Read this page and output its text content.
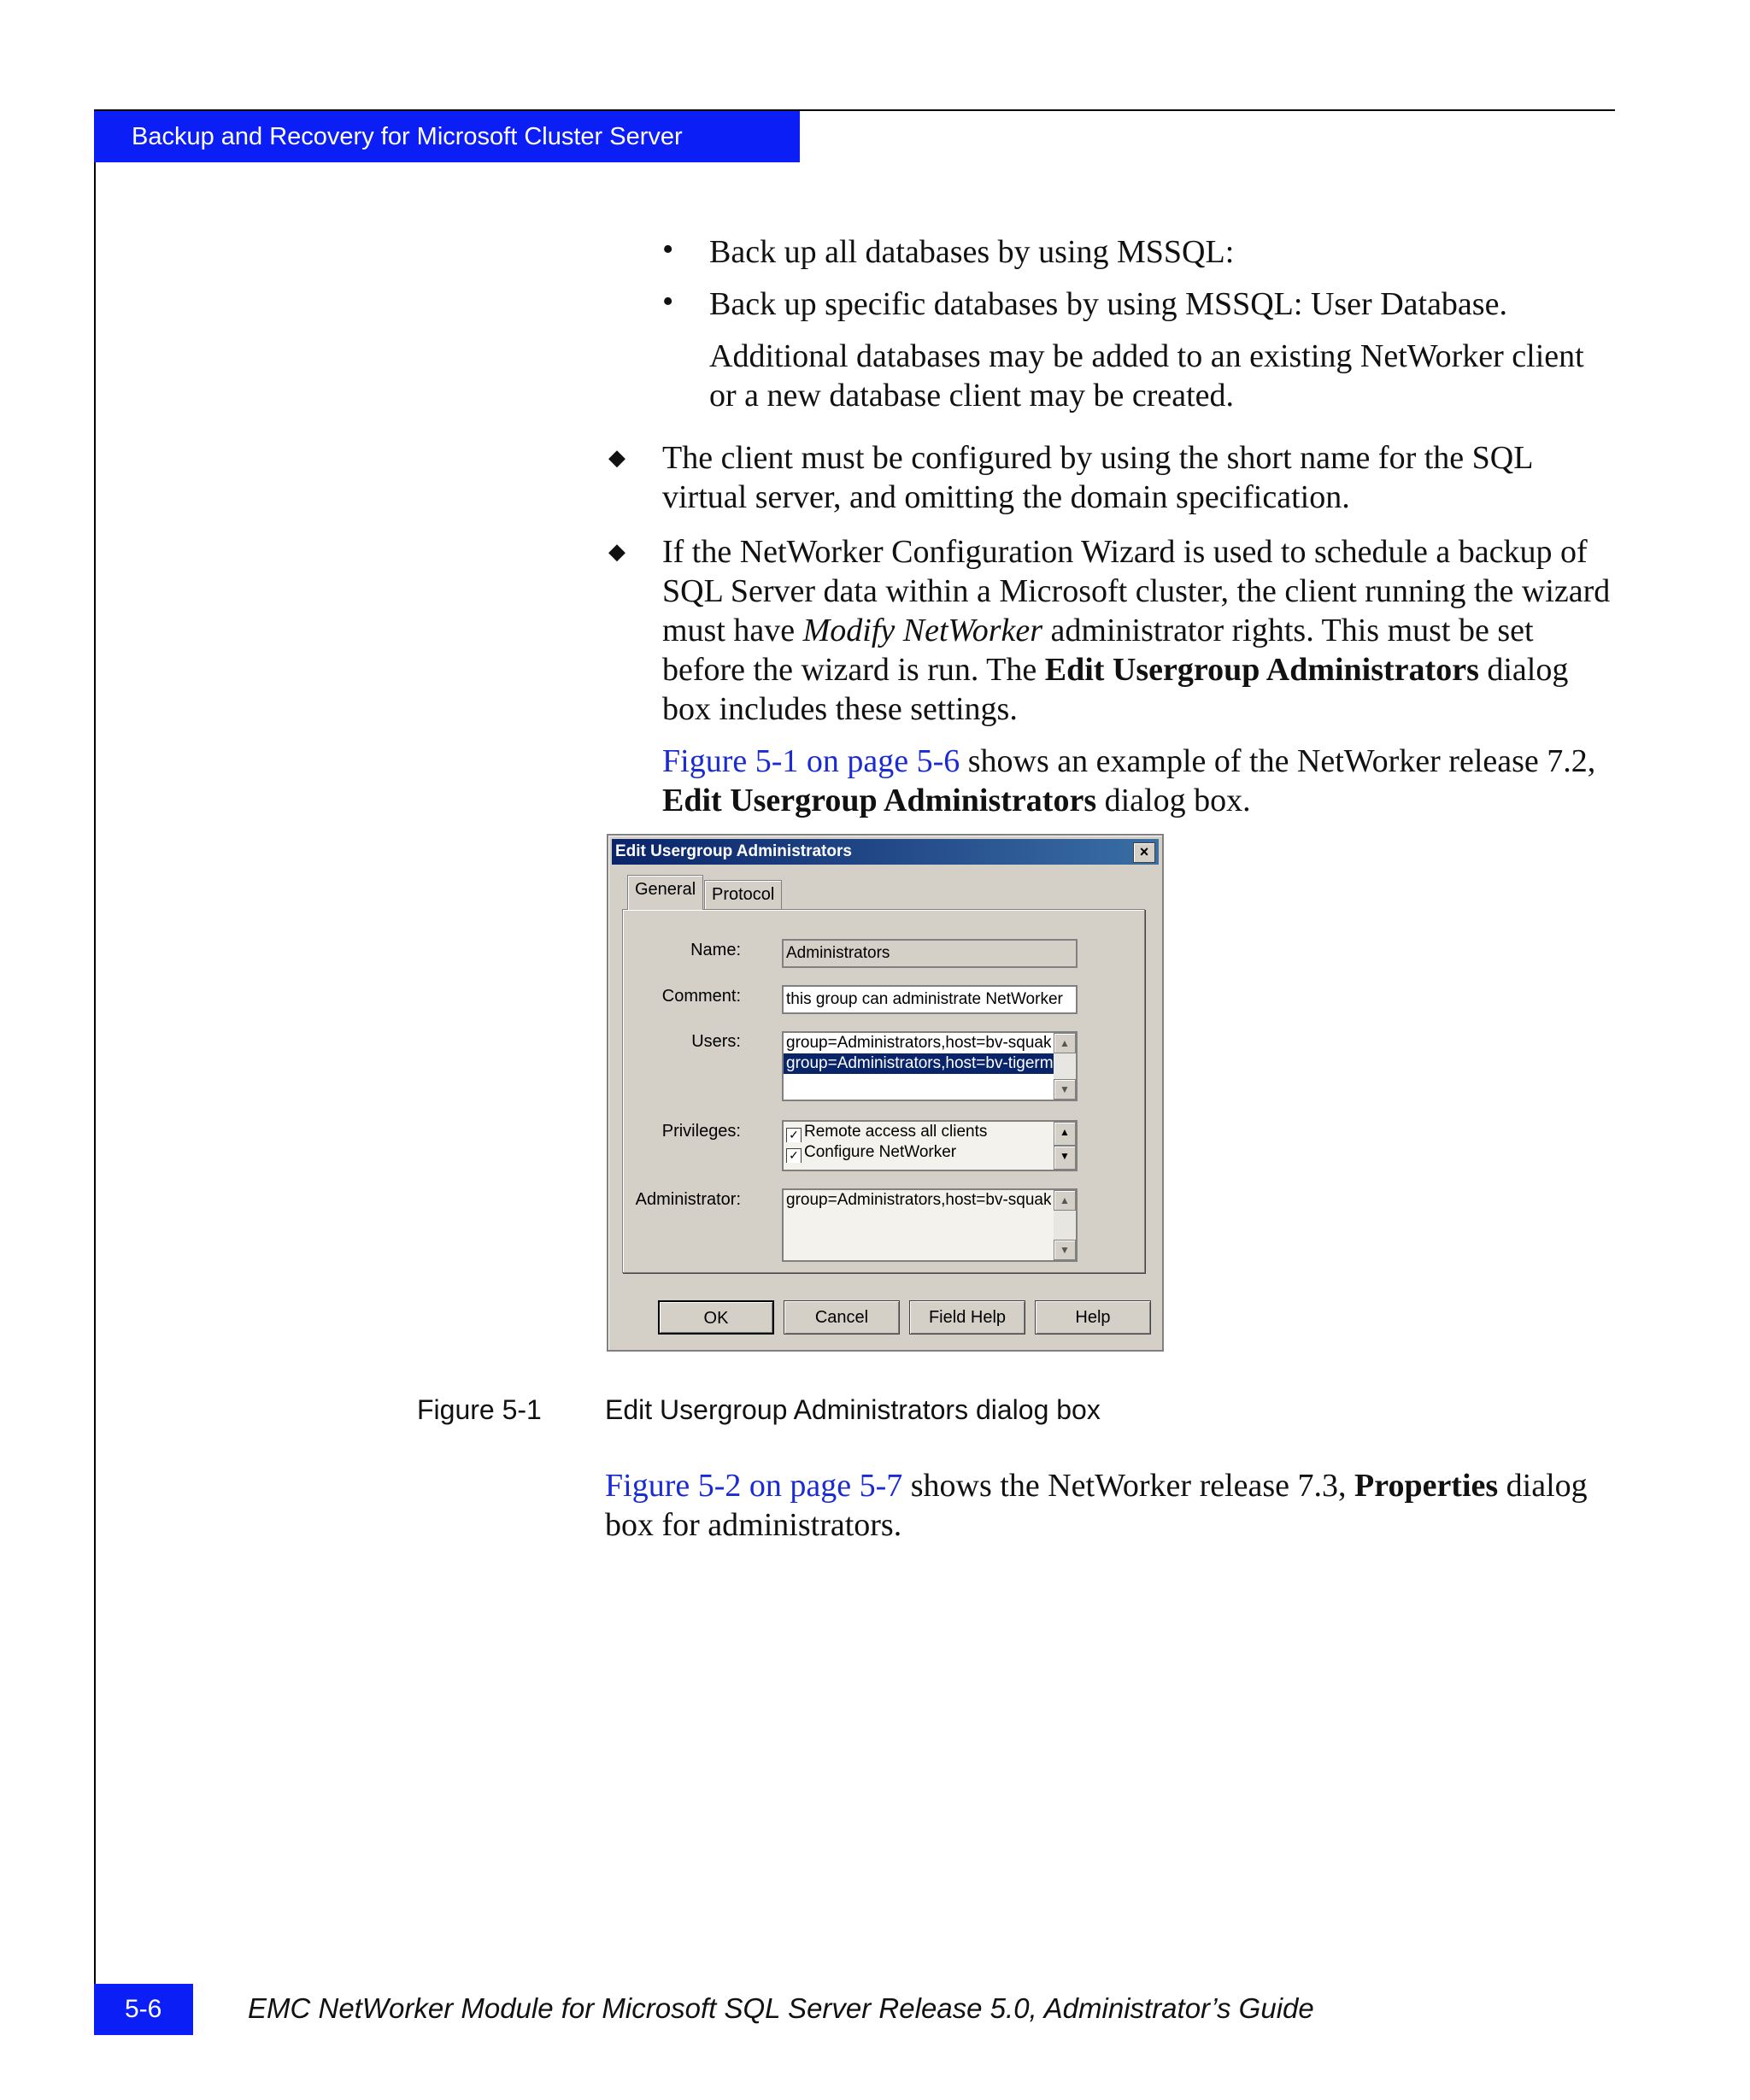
Backup and Recovery for Microsoft Cluster Server
• Back up all databases by using MSSQL:
• Back up specific databases by using MSSQL: User Database.
Additional databases may be added to an existing NetWorker client or a new database client may be created.
◆ The client must be configured by using the short name for the SQL virtual server, and omitting the domain specification.
◆ If the NetWorker Configuration Wizard is used to schedule a backup of SQL Server data within a Microsoft cluster, the client running the wizard must have Modify NetWorker administrator rights. This must be set before the wizard is run. The Edit Usergroup Administrators dialog box includes these settings.
Figure 5-1 on page 5-6 shows an example of the NetWorker release 7.2, Edit Usergroup Administrators dialog box.
Edit Usergroup Administrators	×
General Protocol
Name:	Administrators
Comment:	this group can administrate NetWorker
Users:	group=Administrators,host=bv-squak
group=Administrators,host=bv-tigerm
▲
▼
Privileges:	✓ Remote access all clients
✓ Configure NetWorker
▲
▼
Administrator:	group=Administrators,host=bv-squak ▲
▼
OK	Cancel	Field Help	Help
Figure 5-1 Edit Usergroup Administrators dialog box
Figure 5-2 on page 5-7 shows the NetWorker release 7.3, Properties dialog box for administrators.
5-6	EMC NetWorker Module for Microsoft SQL Server Release 5.0, Administrator’s Guide
